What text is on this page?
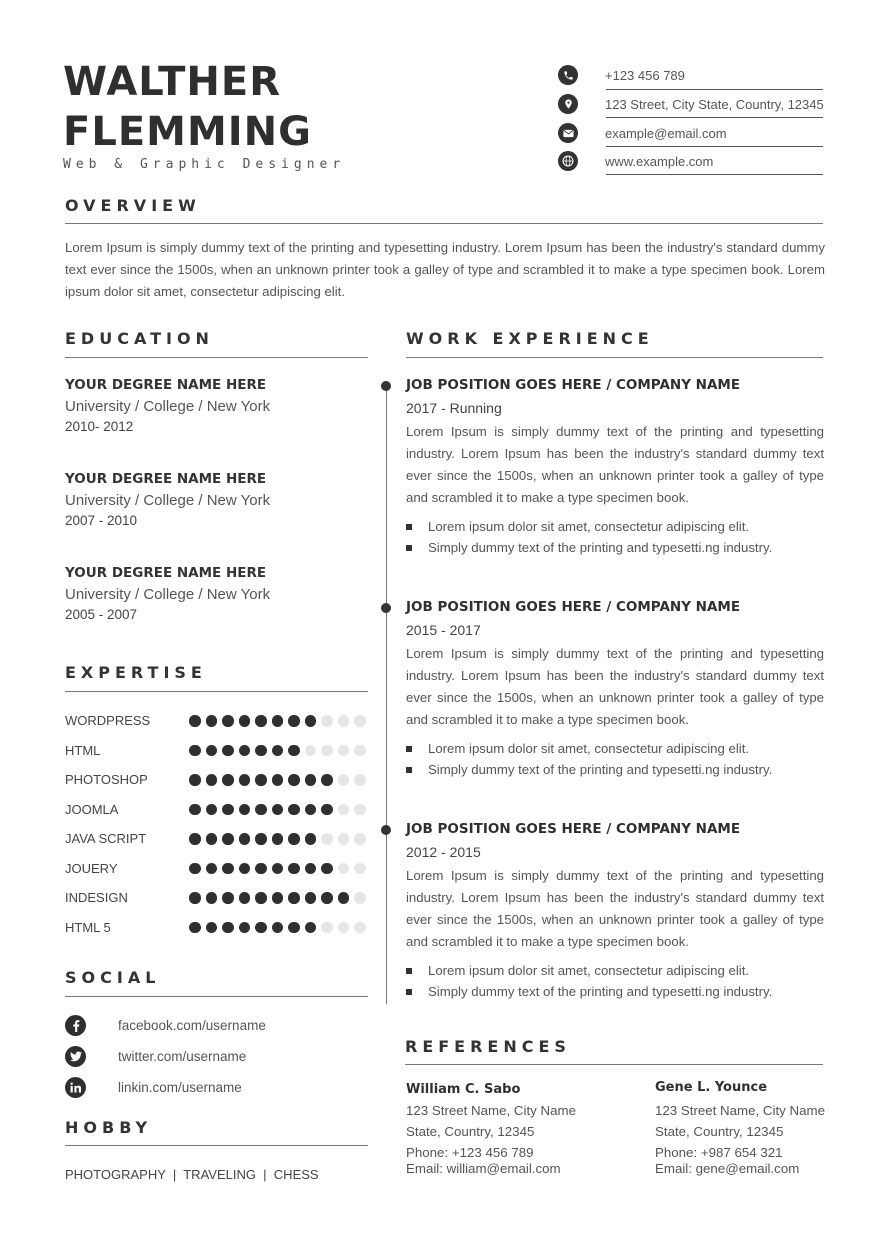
WALTHER
FLEMMING
Web & Graphic Designer
+123 456 789
123 Street, City State, Country, 12345
example@email.com
www.example.com
OVERVIEW
Lorem Ipsum is simply dummy text of the printing and typesetting industry. Lorem Ipsum has been the industry's standard dummy text ever since the 1500s, when an unknown printer took a galley of type and scrambled it to make a type specimen book. Lorem ipsum dolor sit amet, consectetur adipiscing elit.
EDUCATION
YOUR DEGREE NAME HERE
University / College / New York
2010- 2012
YOUR DEGREE NAME HERE
University / College / New York
2007 - 2010
YOUR DEGREE NAME HERE
University / College / New York
2005 - 2007
EXPERTISE
WORDPRESS
HTML
PHOTOSHOP
JOOMLA
JAVA SCRIPT
JOUERY
INDESIGN
HTML 5
SOCIAL
facebook.com/username
twitter.com/username
linkin.com/username
HOBBY
PHOTOGRAPHY  |  TRAVELING  |  CHESS
WORK EXPERIENCE
JOB POSITION GOES HERE / COMPANY NAME
2017 - Running
Lorem Ipsum is simply dummy text of the printing and typesetting industry. Lorem Ipsum has been the industry's standard dummy text ever since the 1500s, when an unknown printer took a galley of type and scrambled it to make a type specimen book.
Lorem ipsum dolor sit amet, consectetur adipiscing elit.
Simply dummy text of the printing and typesetti.ng industry.
JOB POSITION GOES HERE / COMPANY NAME
2015 - 2017
Lorem Ipsum is simply dummy text of the printing and typesetting industry. Lorem Ipsum has been the industry's standard dummy text ever since the 1500s, when an unknown printer took a galley of type and scrambled it to make a type specimen book.
Lorem ipsum dolor sit amet, consectetur adipiscing elit.
Simply dummy text of the printing and typesetti.ng industry.
JOB POSITION GOES HERE / COMPANY NAME
2012 - 2015
Lorem Ipsum is simply dummy text of the printing and typesetting industry. Lorem Ipsum has been the industry's standard dummy text ever since the 1500s, when an unknown printer took a galley of type and scrambled it to make a type specimen book.
Lorem ipsum dolor sit amet, consectetur adipiscing elit.
Simply dummy text of the printing and typesetti.ng industry.
REFERENCES
William C. Sabo
123 Street Name, City Name
State, Country, 12345
Phone: +123 456 789
Email: william@email.com
Gene L. Younce
123 Street Name, City Name
State, Country, 12345
Phone: +987 654 321
Email: gene@email.com
